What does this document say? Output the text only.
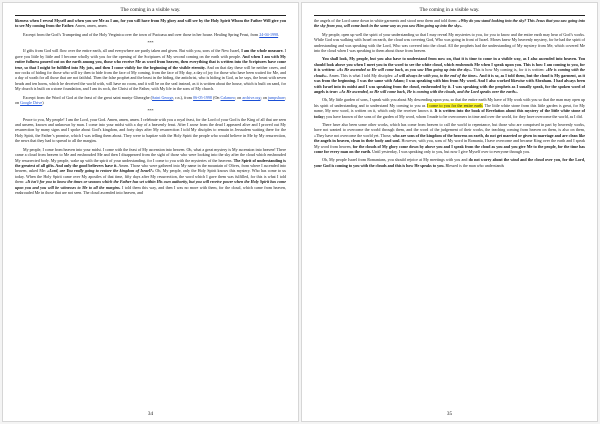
The coming in a visible way.

likeness when I reveal Myself and when you see Me as I am, for you will have from My glory and will see by the Holy Spirit Whom the Father Will give you to see My coming from the Father. Amen, amen, amen.

Excerpt from the God’s Trumpeting and of the Holy Verginica over the town of Pucioasa and over those in her house. Healing Spring Feast, from 24-04-1998.

***

If gifts from God will flow over the entire earth, all and everywhere are partly taken and given. But with you, sons of the New Israel, I am the whole measure. I gave you little by little and I become wholly with you for the opening of the Scriptures of My second coming on the earth with people. And when I am with My entire fullness poured out on the earth among you, those who receive Me as word from heaven, then everything that is written into the Scriptures have come true, so that I might be fulfilled into My jots, and then I come visibly for the beginning of the visible eternity. And on that day these will be neither caves, and nor rocks of hiding for those who will try then to hide from the face of My coming, from the face of My day, a day of joy for those who have been waited for Me, and a day of wrath for all those that are not faithful. Then the false prophet and the beast in the hiding, the antichrist, who is hiding in God, as he says, the beast with seven heads and ten horns, which he deceived the world with, will have no room, and it will be on the seal instead, as it is written about the house, which is built on sand, for My church is built on a stone foundation, and I am its rock, the Christ of the Father, with My life in the sons of My church.

Excerpt from the Word of God at the feast of the great saint martyr Gheorghe (Saint George, r.n.), from 06-05-1998 (On Calameo; on archive.org; on jumpshare; on Google Drive)

***

Peace to you, My people! I am the Lord, your God. Amen, amen, amen. I celebrate with you a royal feast, for the Lord of your God is the King of all that are seen and unseen, known and unknown by man. I come into your midst with a day of a heavenly feast. After I arose from the dead I appeared alive and I proved out My resurrection by many signs and I spoke about God’s kingdom, and forty days after My resurrection I told My disciples to remain in Jerusalem waiting there for the Holy Spirit, the Father’s promise, which I was telling them about. They were to baptize with the Holy Spirit the people who would believe in Me by My resurrection, the news that they had to spread to all the margins.

My people, I come from heaven into your midst. I come with the feast of My ascension into heaven. Oh, what a great mystery is My ascension into heaven! There came a cloud from heaven to Me and enshrouded Me and then I disappeared from the sight of those who were looking into the sky after the cloud which enshrouded My resurrected body. My people, wake up with the spirit of your understanding, for I come to you with the mysteries of the heavens. The Spirit of understanding is the greatest of all gifts. And only the good believers have it. Amen. Those who were gathered into My name in the mountain of Olives, from where I ascended into heaven, asked Me: «Lord, are You really going to restore the kingdom of Israel?» Oh, My people, only the Holy Spirit knows this mystery. Who has come to us today. When the Holy Spirit came over My apostles of that time, fifty days after My resurrection, the word which I gave them was fulfilled, for this is what I told them: «It isn’t for you to know the times or seasons which the Father has set within His own authority, but you will receive power when the Holy Spirit has come upon you and you will be witnesses to Me to all the margins. I told them this way, and then I was no more with them, for the cloud, which came from heaven, enshrouded Me in those that are not seen. The cloud ascended into heaven, and

34
The coming in a visible way.

the angels of the Lord came down in white garments and stood near them and told them: «Why do you stand looking into the sky? This Jesus that you saw going into the sky from you, will come back in the same way as you saw Him going up into the sky».

My people, open up well the spirit of your understanding so that I may reveal My mysteries to you, for you to know and the entire earth may hear of God’s works. While God was walking with Israel on earth, the cloud was covering God, Who was going in front of Israel. Moses knew My heavenly mystery, for he had the spirit of understanding and was speaking with the Lord, Who was covered into the cloud. All the prophets had the understanding of My mystery from Me, which covered Me into the cloud when I was speaking to them about those from heaven.

You shall look, My people, but you also have to understand from now on, that it is time to come in a visible way, as I also ascended into heaven. You should look above you when I meet you in the word to see the white cloud, which enshrouds Me when I speak upon you. This is how I am coming to you, for it is written: «As He ascended so He will come back, as you saw Him going up into the sky». This is how My coming is, for it is written: «He is coming with the clouds». Amen. This is what I told My disciples: «I will always be with you, to the end of the time». And it is so, as I told them, but the cloud is My garment, as it was from the beginning. I was the same with Adam; I was speaking with him from My word. And I also worked likewise with Abraham. I had always been with Israel into its midst and I was speaking from the cloud, enshrouded by it. I was speaking with the prophets as I usually speak, for the spoken word of angels is true: «As He ascended, so He will come back, He is coming with the clouds, and the Lord speaks over the earth».

Oh, My little garden of sons, I speak with you about My descending upon you, so that the entire earth My have of My work with you so that the man may open up his spirit of understanding and to understand My coming to you as I come to you for the entire earth. The little white stone from this little garden is great, for My name, My new word, is written on it, which only the receiver knows it. It is written into the book of Revelation about this mystery of the little white stone of today; you have known of the sons of the garden of My word, whom I made to be overcomers in time and over the world, for they have overcome the world, as I did.

There have also been some other works, which has come from heaven to call the world to repentance, but those who are comprised in part by heavenly works, have not wanted to overcome the world through them, and the word of the judgement of their works, the teaching coming from heaven on them, is also on them, «They have not overcome the world yet. Those, who are sons of the kingdom of the heavens on earth, do not get married or given in marriage and are clean like the angels in heaven, clean in their body and soul. However, with you, sons of My word in Romania, I have overcome and became King over the earth and I speak My word from heaven, for the clouds of My glory come down by above you and I speak from the cloud as you and you give Me to the people, for the time has come for every man on the earth. Until yesterday, I was speaking only to you, but now I give Myself over to everyone through you.

Oh, My people Israel from Romanians, you should rejoice at My meetings with you and do not worry about the wind and the cloud over you, for the Lord, your God is coming to you with the clouds and this is how He speaks to you. Blessed is the man who understands

35
